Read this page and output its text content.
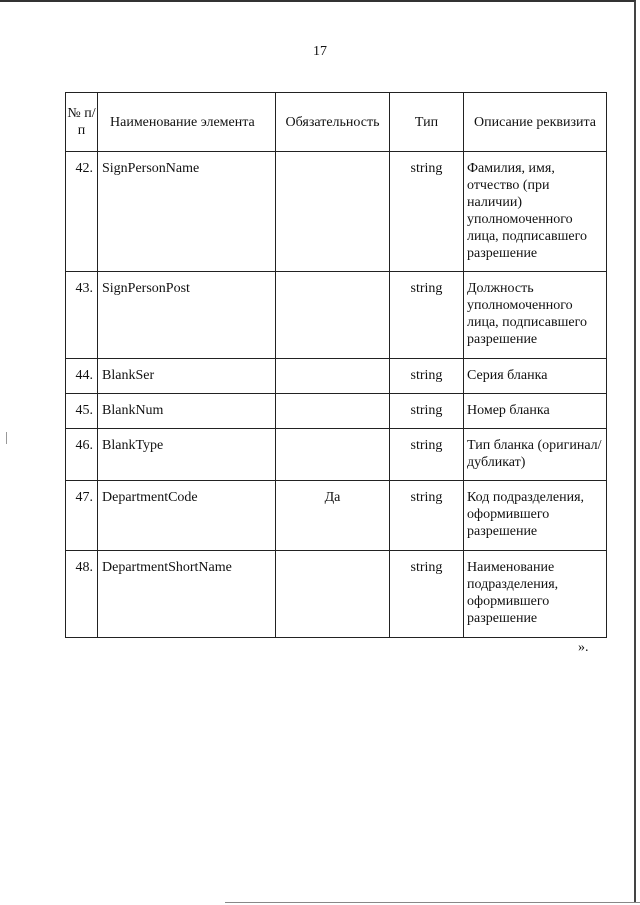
17
№ п/п	Наименование элемента	Обязательность	Тип	Описание реквизита
42.	SignPersonName		string	Фамилия, имя, отчество (при наличии) уполномоченного лица, подписавшего разрешение
43.	SignPersonPost		string	Должность уполномоченного лица, подписавшего разрешение
44.	BlankSer		string	Серия бланка
45.	BlankNum		string	Номер бланка
46.	BlankType		string	Тип бланка (оригинал/дубликат)
47.	DepartmentCode	Да	string	Код подразделения, оформившего разрешение
48.	DepartmentShortName		string	Наименование подразделения, оформившего разрешение
».
